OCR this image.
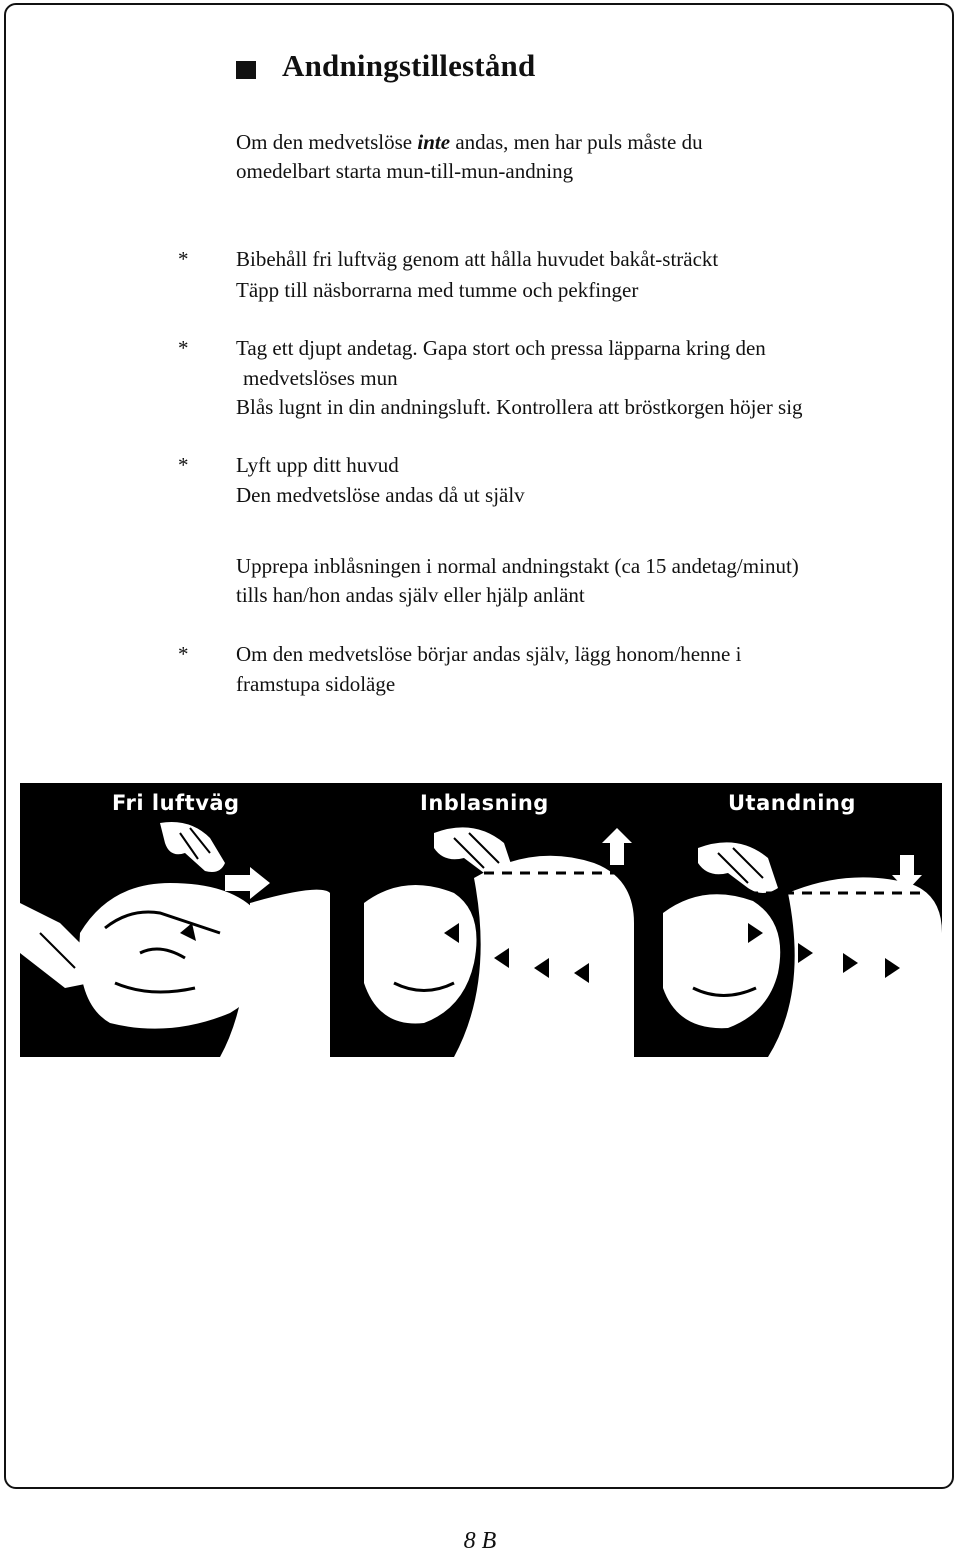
Andningstillestånd
Om den medvetslöse inte andas, men har puls måste du
omedelbart starta mun-till-mun-andning
* Bibehåll fri luftväg genom att hålla huvudet bakåt-sträckt
Täpp till näsborrarna med tumme och pekfinger
* Tag ett djupt andetag. Gapa stort och pressa läpparna kring den
medvetslöses mun
Blås lugnt in din andningsluft. Kontrollera att bröstkorgen höjer sig
* Lyft upp ditt huvud
Den medvetslöse andas då ut själv
Upprepa inblåsningen i normal andningstakt (ca 15 andetag/minut)
tills han/hon andas själv eller hjälp anlänt
* Om den medvetslöse börjar andas själv, lägg honom/henne i
framstupa sidoläge
Fri luftväg	Inblasning	Utandning
8 B
